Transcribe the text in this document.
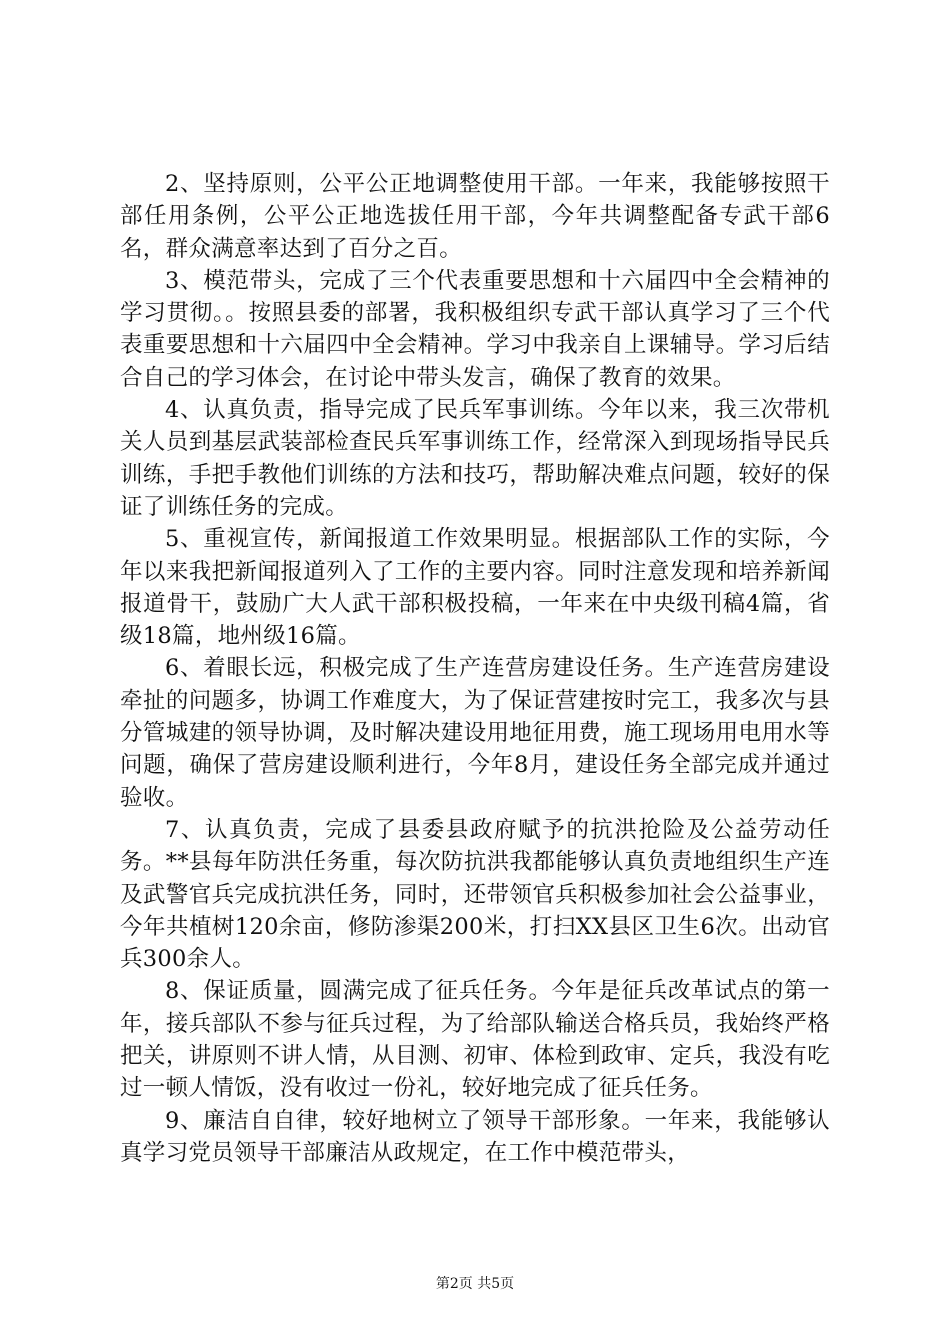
2、坚持原则，公平公正地调整使用干部。一年来，我能够按照干部任用条例，公平公正地选拔任用干部，今年共调整配备专武干部6名，群众满意率达到了百分之百。

3、模范带头，完成了三个代表重要思想和十六届四中全会精神的学习贯彻。。按照县委的部署，我积极组织专武干部认真学习了三个代表重要思想和十六届四中全会精神。学习中我亲自上课辅导。学习后结合自己的学习体会，在讨论中带头发言，确保了教育的效果。

4、认真负责，指导完成了民兵军事训练。今年以来，我三次带机关人员到基层武装部检查民兵军事训练工作，经常深入到现场指导民兵训练，手把手教他们训练的方法和技巧，帮助解决难点问题，较好的保证了训练任务的完成。

5、重视宣传，新闻报道工作效果明显。根据部队工作的实际，今年以来我把新闻报道列入了工作的主要内容。同时注意发现和培养新闻报道骨干，鼓励广大人武干部积极投稿，一年来在中央级刊稿4篇，省级18篇，地州级16篇。

6、着眼长远，积极完成了生产连营房建设任务。生产连营房建设牵扯的问题多，协调工作难度大，为了保证营建按时完工，我多次与县分管城建的领导协调，及时解决建设用地征用费，施工现场用电用水等问题，确保了营房建设顺利进行，今年8月，建设任务全部完成并通过验收。

7、认真负责，完成了县委县政府赋予的抗洪抢险及公益劳动任务。**县每年防洪任务重，每次防抗洪我都能够认真负责地组织生产连及武警官兵完成抗洪任务，同时，还带领官兵积极参加社会公益事业，今年共植树120余亩，修防渗渠200米，打扫XX县区卫生6次。出动官兵300余人。

8、保证质量，圆满完成了征兵任务。今年是征兵改革试点的第一年，接兵部队不参与征兵过程，为了给部队输送合格兵员，我始终严格把关，讲原则不讲人情，从目测、初审、体检到政审、定兵，我没有吃过一顿人情饭，没有收过一份礼，较好地完成了征兵任务。

9、廉洁自自律，较好地树立了领导干部形象。一年来，我能够认真学习党员领导干部廉洁从政规定，在工作中模范带头，

第2页 共5页
